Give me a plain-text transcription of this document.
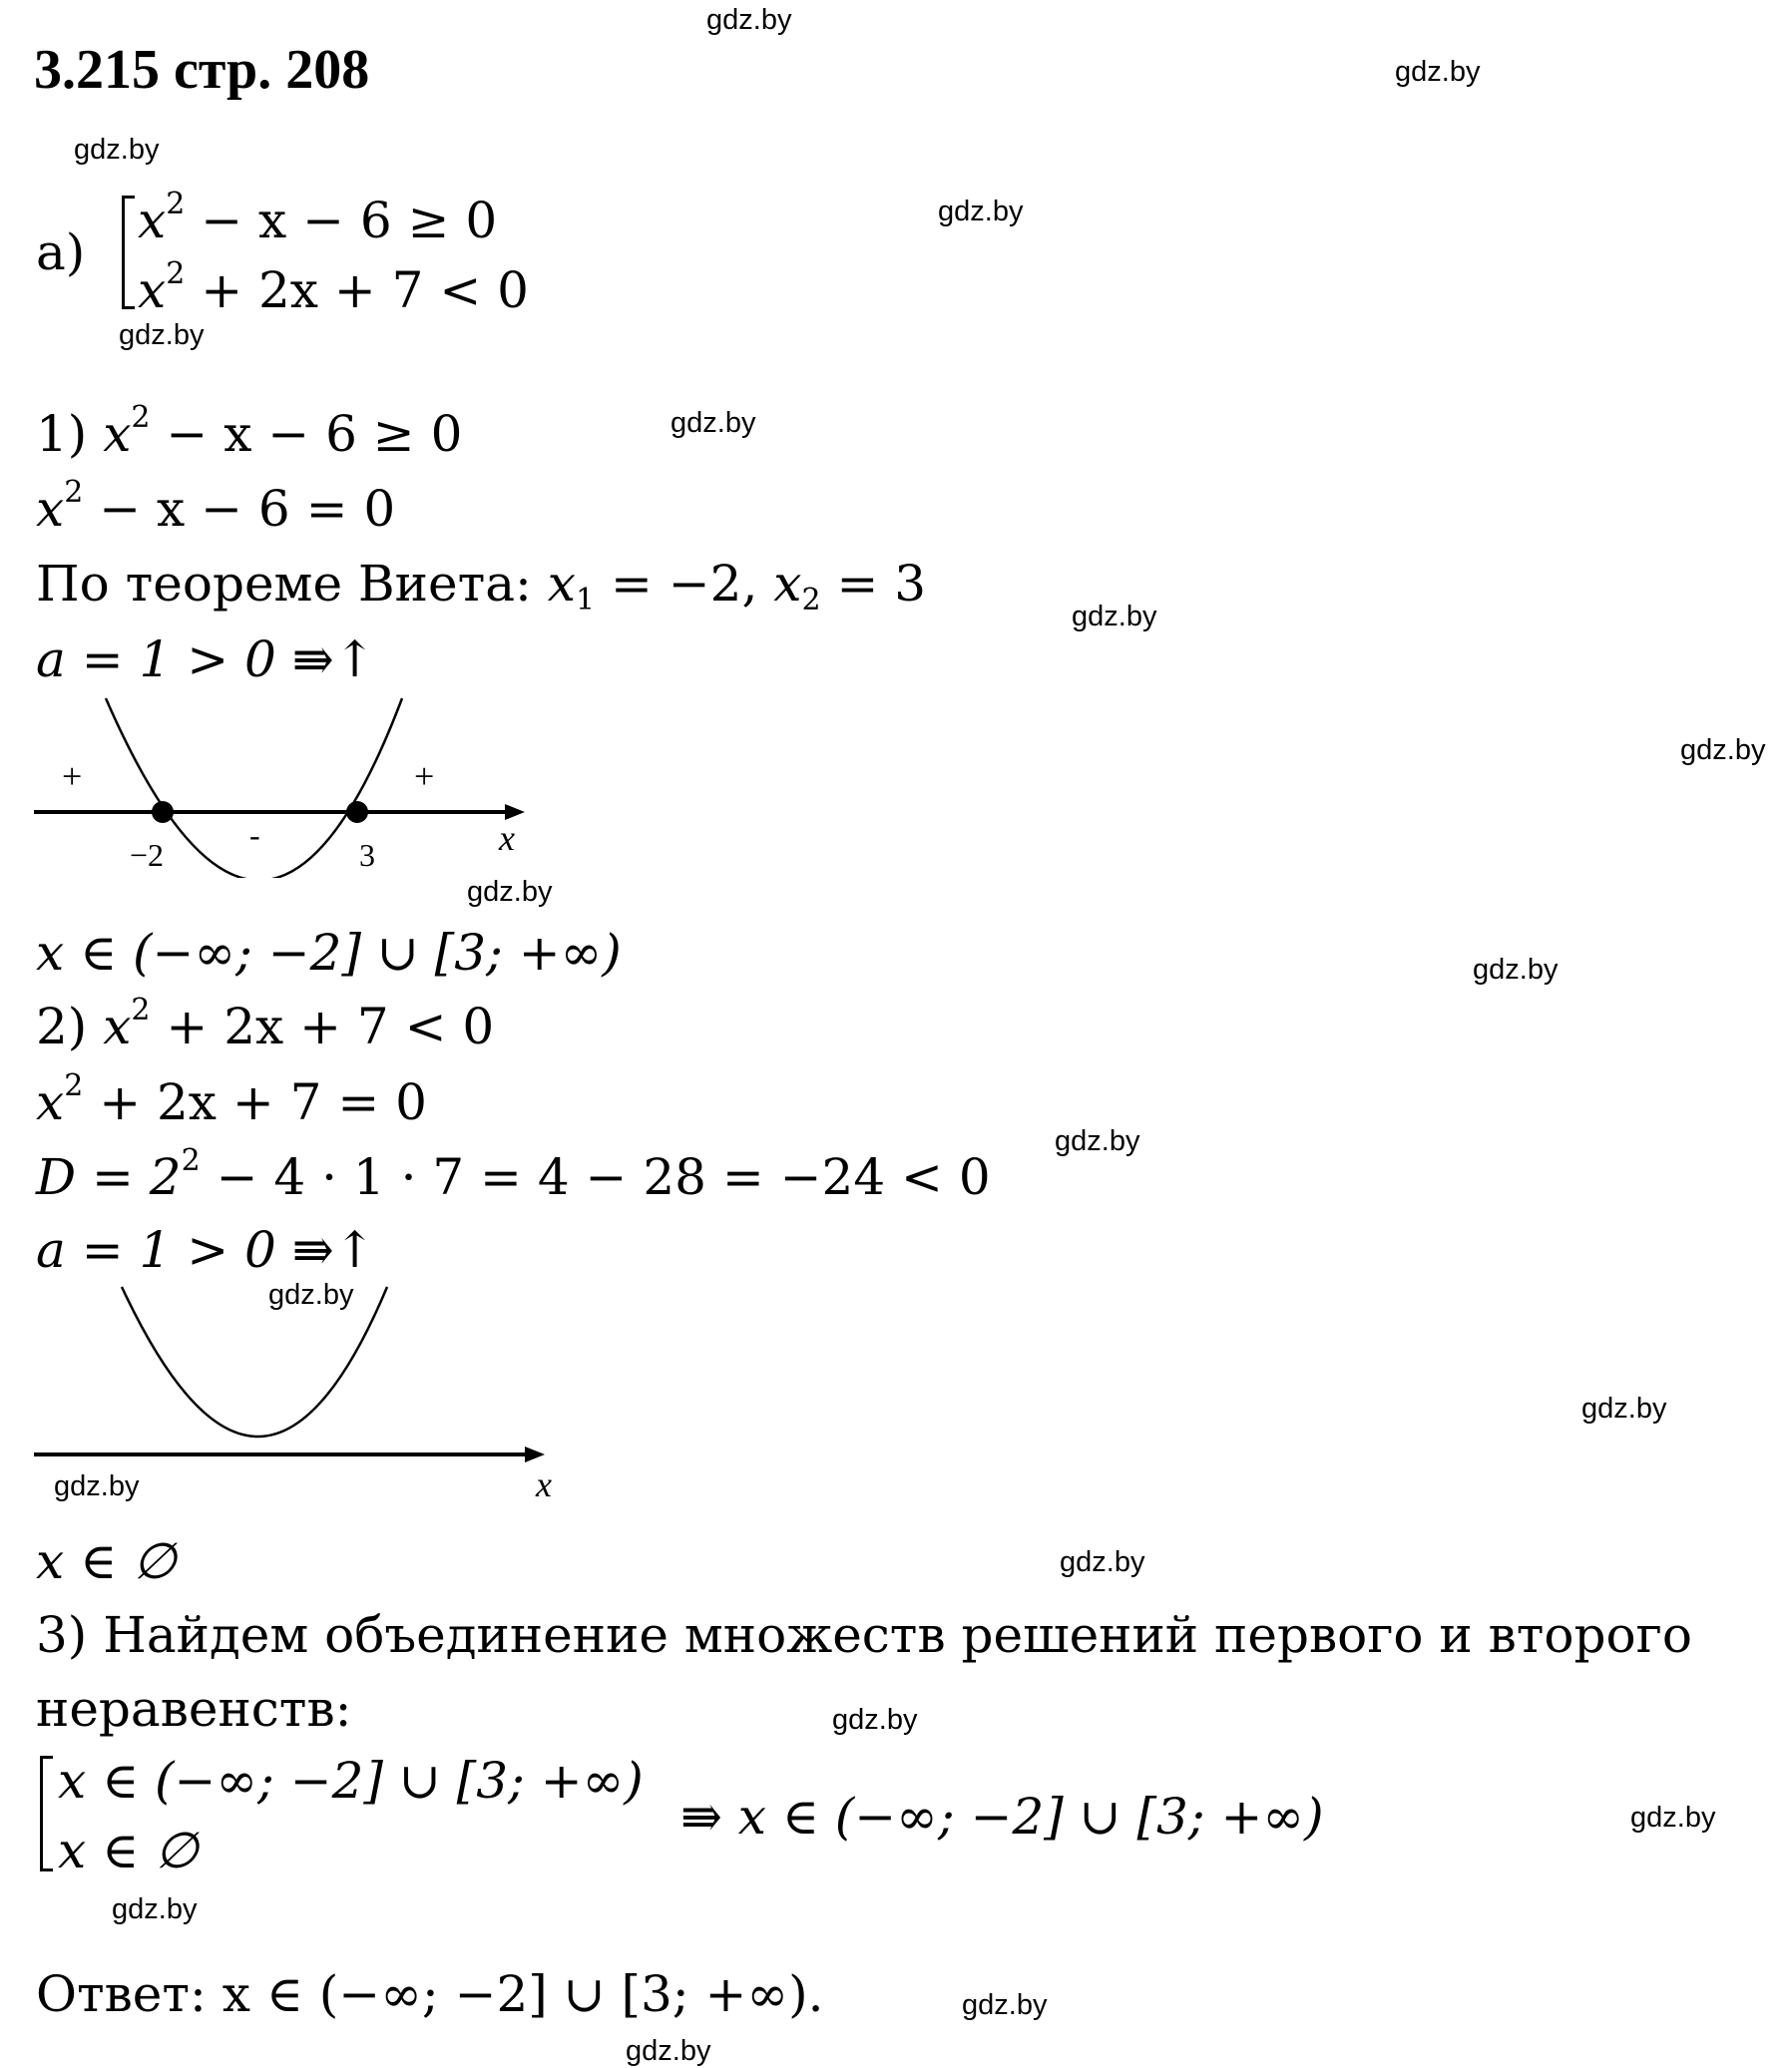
3.215 стр. 208
gdz.by
gdz.by
gdz.by
gdz.by
gdz.by
gdz.by
gdz.by
gdz.by
gdz.by
gdz.by
gdz.by
gdz.by
gdz.by
gdz.by
gdz.by
gdz.by
gdz.by
gdz.by
gdz.by
gdz.by
а)
$x^2 - x - 6 \ge 0$
$x^2 + 2x + 7 < 0$
1) $x^2 - x - 6 \ge 0$
$x^2 - x - 6 = 0$
По теореме Виета: $x_1 = -2$, $x_2 = 3$
a = 1 > 0 ⇛↑
+	+
-
−2	3	x
x ∈ (−∞; −2] ∪ [3; +∞)
2) $x^2 + 2x + 7 < 0$
$x^2 + 2x + 7 = 0$
$D = 2^2 - 4 \cdot 1 \cdot 7 = 4 - 28 = -24 < 0$
a = 1 > 0 ⇛↑
x
x ∈ ∅
3) Найдем объединение множеств решений первого и второго
неравенств:
x ∈ (−∞; −2] ∪ [3; +∞)
x ∈ ∅
⇛ x ∈ (−∞; −2] ∪ [3; +∞)
Ответ: x ∈ (−∞; −2] ∪ [3; +∞).
